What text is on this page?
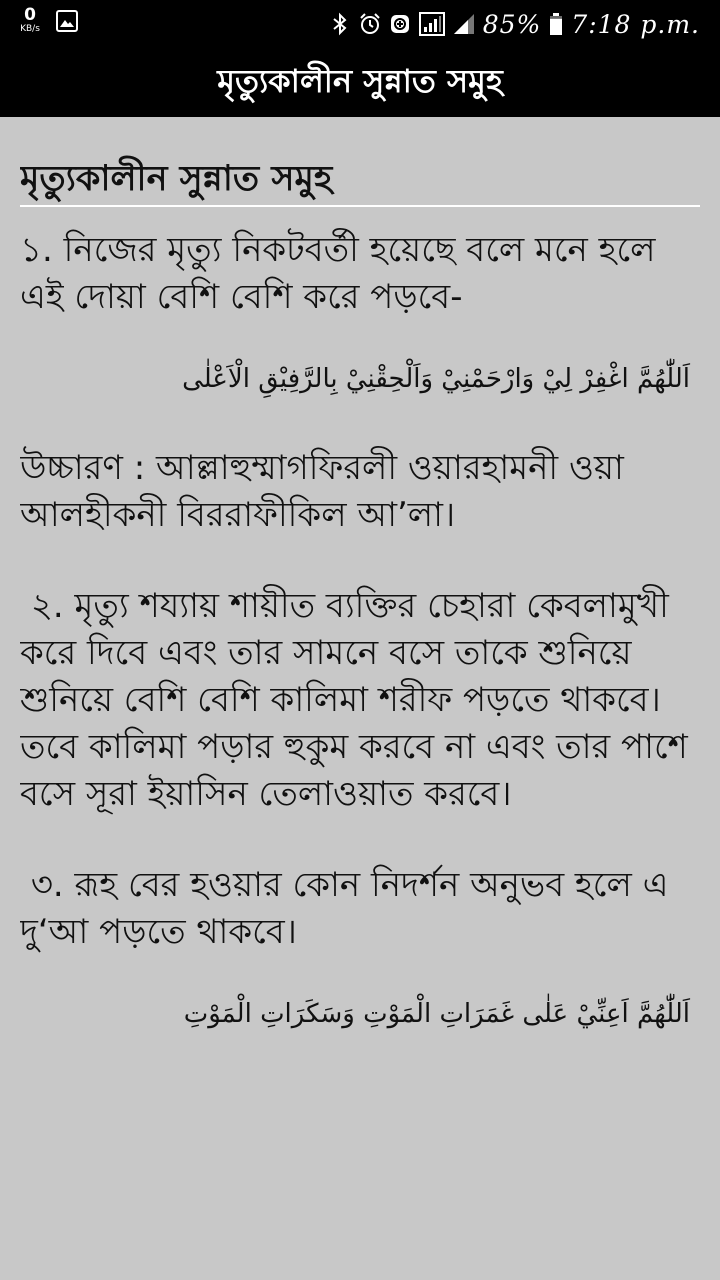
0
KB/s	85% 7:18 p.m.
মৃত্যুকালীন সুন্নাত সমুহ
মৃত্যুকালীন সুন্নাত সমুহ

১. নিজের মৃত্যু নিকটবর্তী হয়েছে বলে মনে হলে এই দোয়া বেশি বেশি করে পড়বে-

اَللّٰهُمَّ اغْفِرْ لِيْ وَارْحَمْنِيْ وَاَلْحِقْنِيْ بِالرَّفِيْقِ الْاَعْلٰى

উচ্চারণ : আল্লাহুম্মাগফিরলী ওয়ারহামনী ওয়া আলহীকনী বিররাফীকিল আ’লা।

২. মৃত্যু শয্যায় শায়ীত ব্যক্তির চেহারা কেবলামুখী করে দিবে এবং তার সামনে বসে তাকে শুনিয়ে শুনিয়ে বেশি বেশি কালিমা শরীফ পড়তে থাকবে। তবে কালিমা পড়ার হুকুম করবে না এবং তার পাশে বসে সূরা ইয়াসিন তেলাওয়াত করবে।

৩. রূহ বের হওয়ার কোন নিদর্শন অনুভব হলে এ দু‘আ পড়তে থাকবে।

اَللّٰهُمَّ اَعِنِّيْ عَلٰى غَمَرَاتِ الْمَوْتِ وَسَكَرَاتِ الْمَوْتِ
